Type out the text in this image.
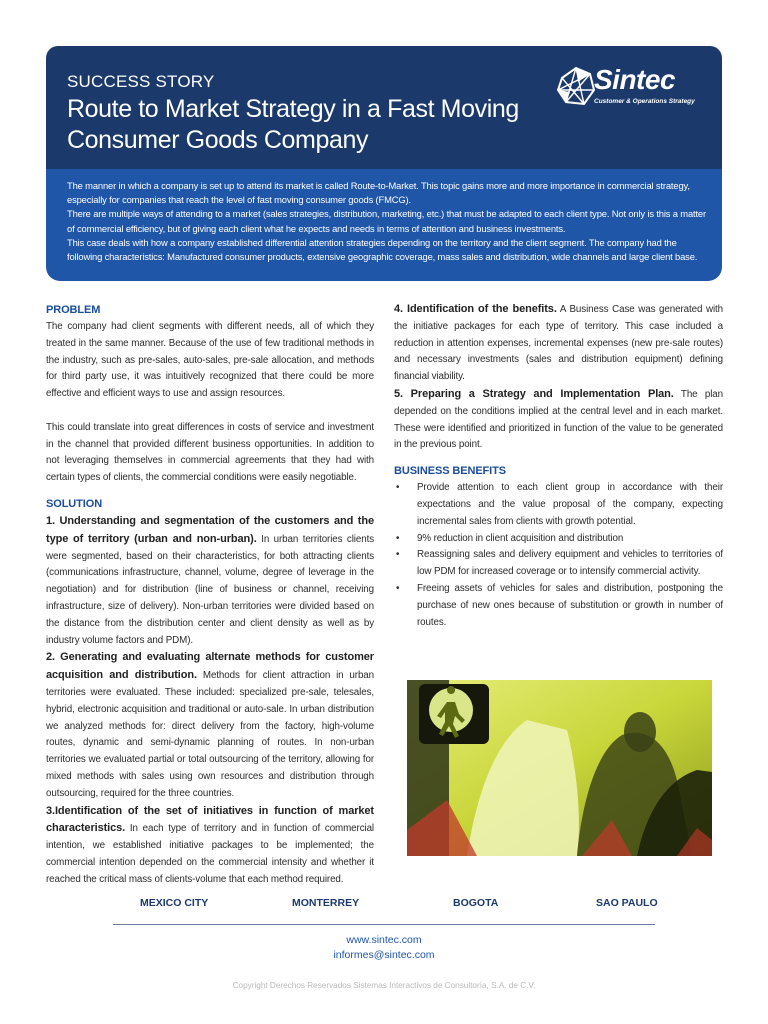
SUCCESS STORY
Route to Market Strategy in a Fast Moving Consumer Goods Company
Sintec
Customer & Operations Strategy

The manner in which a company is set up to attend its market is called Route-to-Market. This topic gains more and more importance in commercial strategy, especially for companies that reach the level of fast moving consumer goods (FMCG).
There are multiple ways of attending to a market (sales strategies, distribution, marketing, etc.) that must be adapted to each client type. Not only is this a matter of commercial efficiency, but of giving each client what he expects and needs in terms of attention and business investments.
This case deals with how a company established differential attention strategies depending on the territory and the client segment. The company had the following characteristics: Manufactured consumer products, extensive geographic coverage, mass sales and distribution, wide channels and large client base.

PROBLEM

The company had client segments with different needs, all of which they treated in the same manner. Because of the use of few traditional methods in the industry, such as pre-sales, auto-sales, pre-sale allocation, and methods for third party use, it was intuitively recognized that there could be more effective and efficient ways to use and assign resources.

This could translate into great differences in costs of service and investment in the channel that provided different business opportunities. In addition to not leveraging themselves in commercial agreements that they had with certain types of clients, the commercial conditions were easily negotiable.

SOLUTION

1. Understanding and segmentation of the customers and the type of territory (urban and non-urban). In urban territories clients were segmented, based on their characteristics, for both attracting clients (communications infrastructure, channel, volume, degree of leverage in the negotiation) and for distribution (line of business or channel, receiving infrastructure, size of delivery). Non-urban territories were divided based on the distance from the distribution center and client density as well as by industry volume factors and PDM).

2. Generating and evaluating alternate methods for customer acquisition and distribution. Methods for client attraction in urban territories were evaluated. These included: specialized pre-sale, telesales, hybrid, electronic acquisition and traditional or auto-sale. In urban distribution we analyzed methods for: direct delivery from the factory, high-volume routes, dynamic and semi-dynamic planning of routes. In non-urban territories we evaluated partial or total outsourcing of the territory, allowing for mixed methods with sales using own resources and distribution through outsourcing, required for the three countries.

3.Identification of the set of initiatives in function of market characteristics. In each type of territory and in function of commercial intention, we established initiative packages to be implemented; the commercial intention depended on the commercial intensity and whether it reached the critical mass of clients-volume that each method required.

4. Identification of the benefits. A Business Case was generated with the initiative packages for each type of territory. This case included a reduction in attention expenses, incremental expenses (new pre-sale routes) and necessary investments (sales and distribution equipment) defining financial viability.

5. Preparing a Strategy and Implementation Plan. The plan depended on the conditions implied at the central level and in each market. These were identified and prioritized in function of the value to be generated in the previous point.

BUSINESS BENEFITS
• Provide attention to each client group in accordance with their expectations and the value proposal of the company, expecting incremental sales from clients with growth potential.
• 9% reduction in client acquisition and distribution
• Reassigning sales and delivery equipment and vehicles to territories of low PDM for increased coverage or to intensify commercial activity.
• Freeing assets of vehicles for sales and distribution, postponing the purchase of new ones because of substitution or growth in number of routes.
MEXICO CITY	MONTERREY	BOGOTA	SAO PAULO
www.sintec.com
informes@sintec.com
Copyright Derechos Reservados Sistemas Interactivos de Consultoría, S.A. de C.V.
